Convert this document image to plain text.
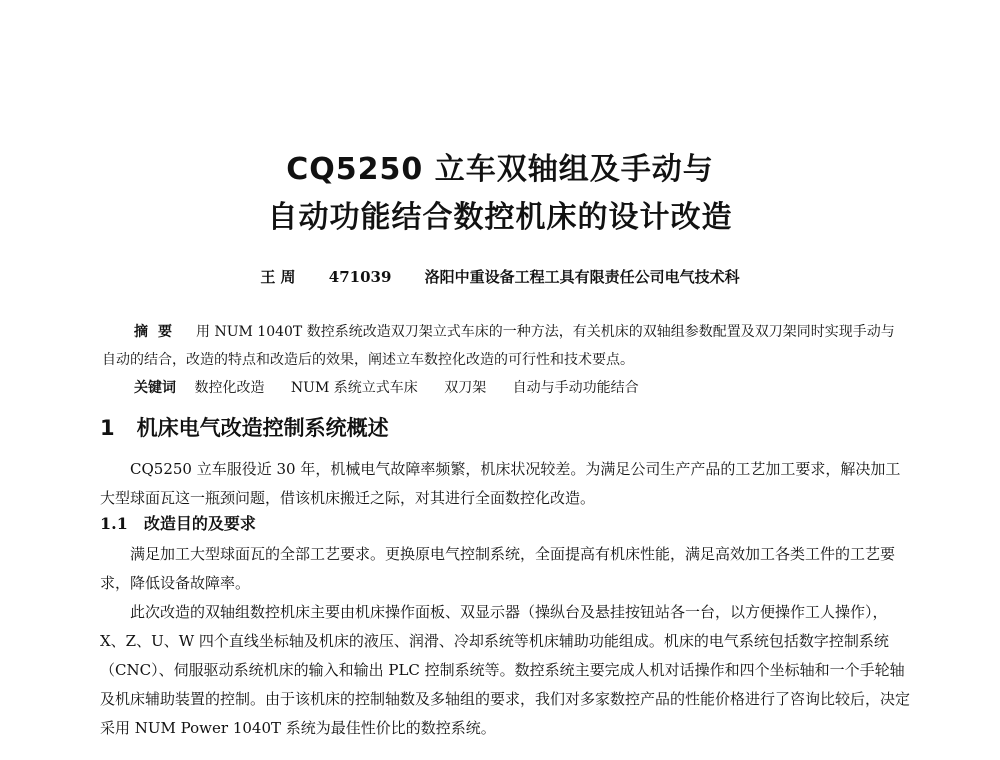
CQ5250 立车双轴组及手动与
自动功能结合数控机床的设计改造
王 周 471039 洛阳中重设备工程工具有限责任公司电气技术科
摘要 用 NUM 1040T 数控系统改造双刀架立式车床的一种方法，有关机床的双轴组参数配置及双刀架同时实现手动与自动的结合，改造的特点和改造后的效果，阐述立车数控化改造的可行性和技术要点。
关键词 数控化改造 NUM 系统立式车床 双刀架 自动与手动功能结合
1 机床电气改造控制系统概述
CQ5250 立车服役近 30 年，机械电气故障率频繁，机床状况较差。为满足公司生产产品的工艺加工要求，解决加工大型球面瓦这一瓶颈问题，借该机床搬迁之际，对其进行全面数控化改造。
1.1 改造目的及要求
满足加工大型球面瓦的全部工艺要求。更换原电气控制系统，全面提高有机床性能，满足高效加工各类工件的工艺要求，降低设备故障率。
此次改造的双轴组数控机床主要由机床操作面板、双显示器（操纵台及悬挂按钮站各一台，以方便操作工人操作），X、Z、U、W 四个直线坐标轴及机床的液压、润滑、冷却系统等机床辅助功能组成。机床的电气系统包括数字控制系统（CNC）、伺服驱动系统机床的输入和输出 PLC 控制系统等。数控系统主要完成人机对话操作和四个坐标轴和一个手轮轴及机床辅助装置的控制。由于该机床的控制轴数及多轴组的要求，我们对多家数控产品的性能价格进行了咨询比较后，决定采用 NUM Power 1040T 系统为最佳性价比的数控系统。
